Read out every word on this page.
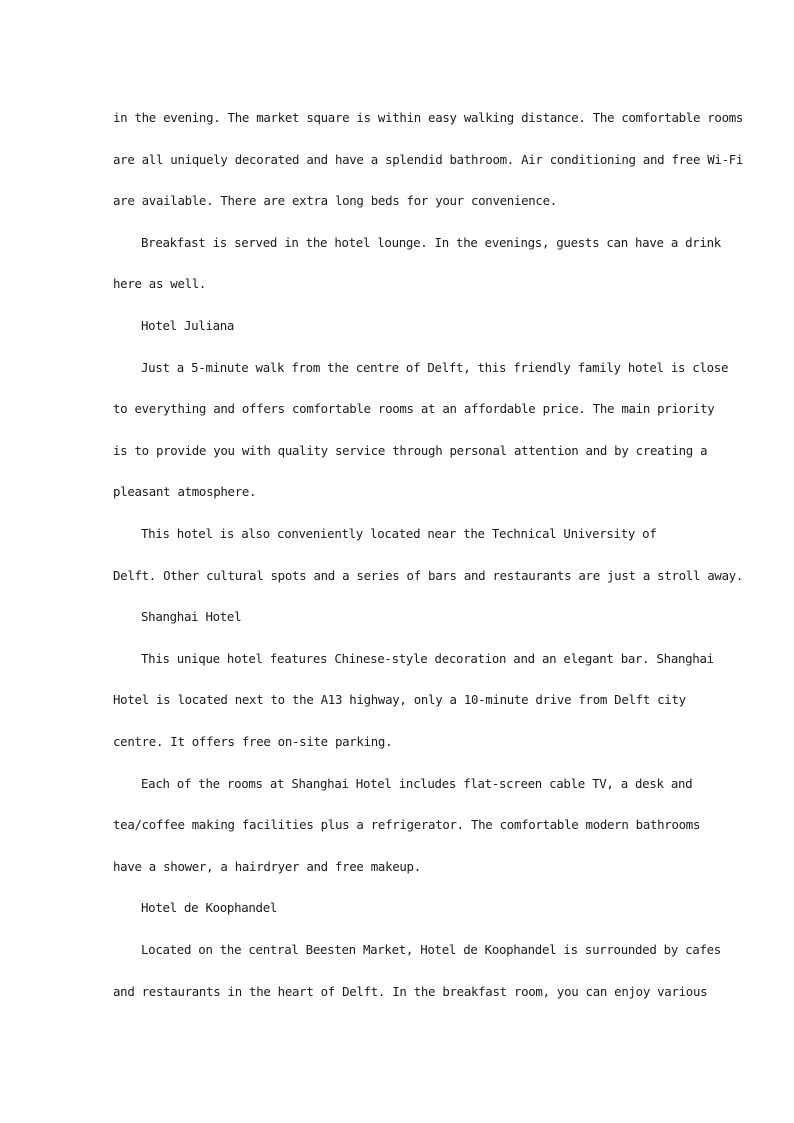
in the evening. The market square is within easy walking distance. The comfortable rooms
are all uniquely decorated and have a splendid bathroom. Air conditioning and free Wi-Fi
are available. There are extra long beds for your convenience.
Breakfast is served in the hotel lounge. In the evenings, guests can have a drink
here as well.
Hotel Juliana
Just a 5-minute walk from the centre of Delft, this friendly family hotel is close
to everything and offers comfortable rooms at an affordable price. The main priority
is to provide you with quality service through personal attention and by creating a
pleasant atmosphere.
This hotel is also conveniently located near the Technical University of
Delft. Other cultural spots and a series of bars and restaurants are just a stroll away.
Shanghai Hotel
This unique hotel features Chinese-style decoration and an elegant bar. Shanghai
Hotel is located next to the A13 highway, only a 10-minute drive from Delft city
centre. It offers free on-site parking.
Each of the rooms at Shanghai Hotel includes flat-screen cable TV, a desk and
tea/coffee making facilities plus a refrigerator. The comfortable modern bathrooms
have a shower, a hairdryer and free makeup.
Hotel de Koophandel
Located on the central Beesten Market, Hotel de Koophandel is surrounded by cafes
and restaurants in the heart of Delft. In the breakfast room, you can enjoy various
